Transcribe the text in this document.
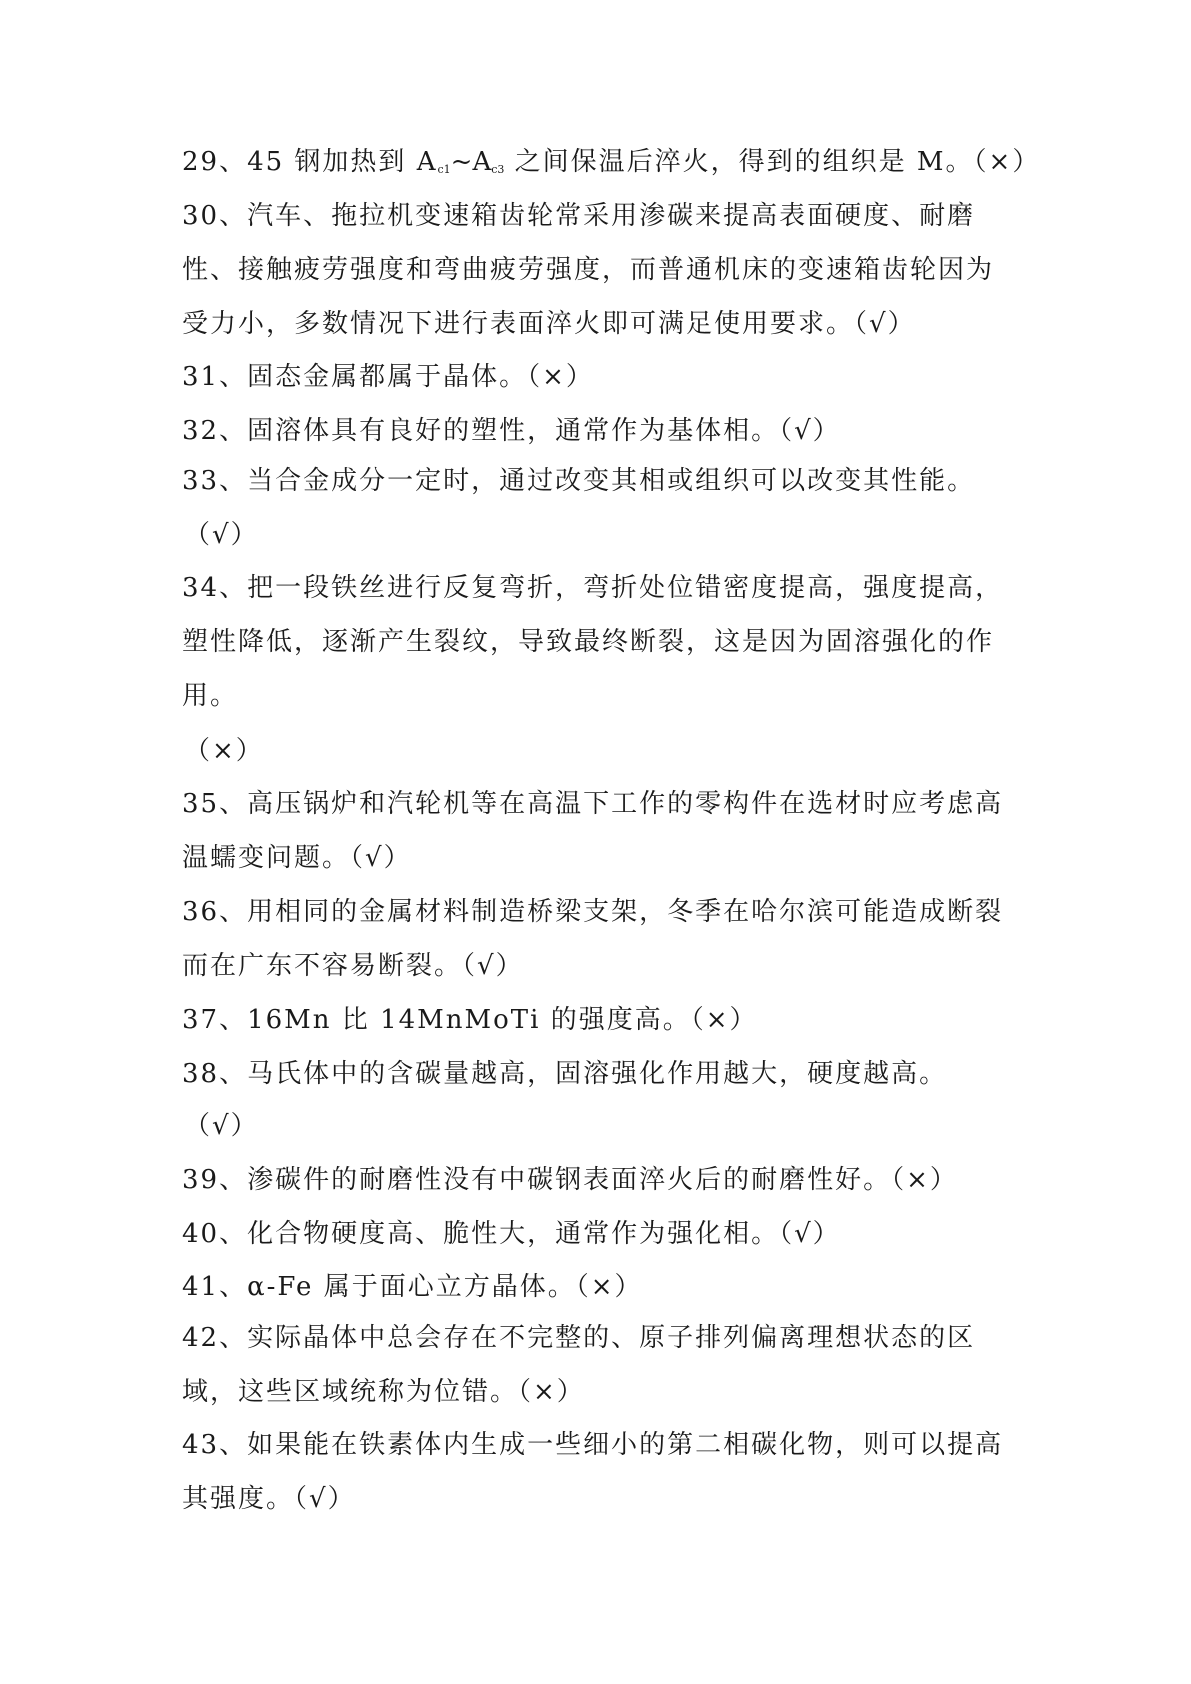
29、45 钢加热到 $A_{c1}\sim A_{c3}$ 之间保温后淬火，得到的组织是 M。（×）
30、汽车、拖拉机变速箱齿轮常采用渗碳来提高表面硬度、耐磨
性、接触疲劳强度和弯曲疲劳强度，而普通机床的变速箱齿轮因为
受力小，多数情况下进行表面淬火即可满足使用要求。（√）
31、固态金属都属于晶体。（×）
32、固溶体具有良好的塑性，通常作为基体相。（√）
33、当合金成分一定时，通过改变其相或组织可以改变其性能。
（√）
34、把一段铁丝进行反复弯折，弯折处位错密度提高，强度提高，
塑性降低，逐渐产生裂纹，导致最终断裂，这是因为固溶强化的作
用。
（×）
35、高压锅炉和汽轮机等在高温下工作的零构件在选材时应考虑高
温蠕变问题。（√）
36、用相同的金属材料制造桥梁支架，冬季在哈尔滨可能造成断裂
而在广东不容易断裂。（√）
37、16Mn 比 14MnMoTi 的强度高。（×）
38、马氏体中的含碳量越高，固溶强化作用越大，硬度越高。
（√）
39、渗碳件的耐磨性没有中碳钢表面淬火后的耐磨性好。（×）
40、化合物硬度高、脆性大，通常作为强化相。（√）
41、α-Fe 属于面心立方晶体。（×）
42、实际晶体中总会存在不完整的、原子排列偏离理想状态的区
域，这些区域统称为位错。（×）
43、如果能在铁素体内生成一些细小的第二相碳化物，则可以提高
其强度。（√）
